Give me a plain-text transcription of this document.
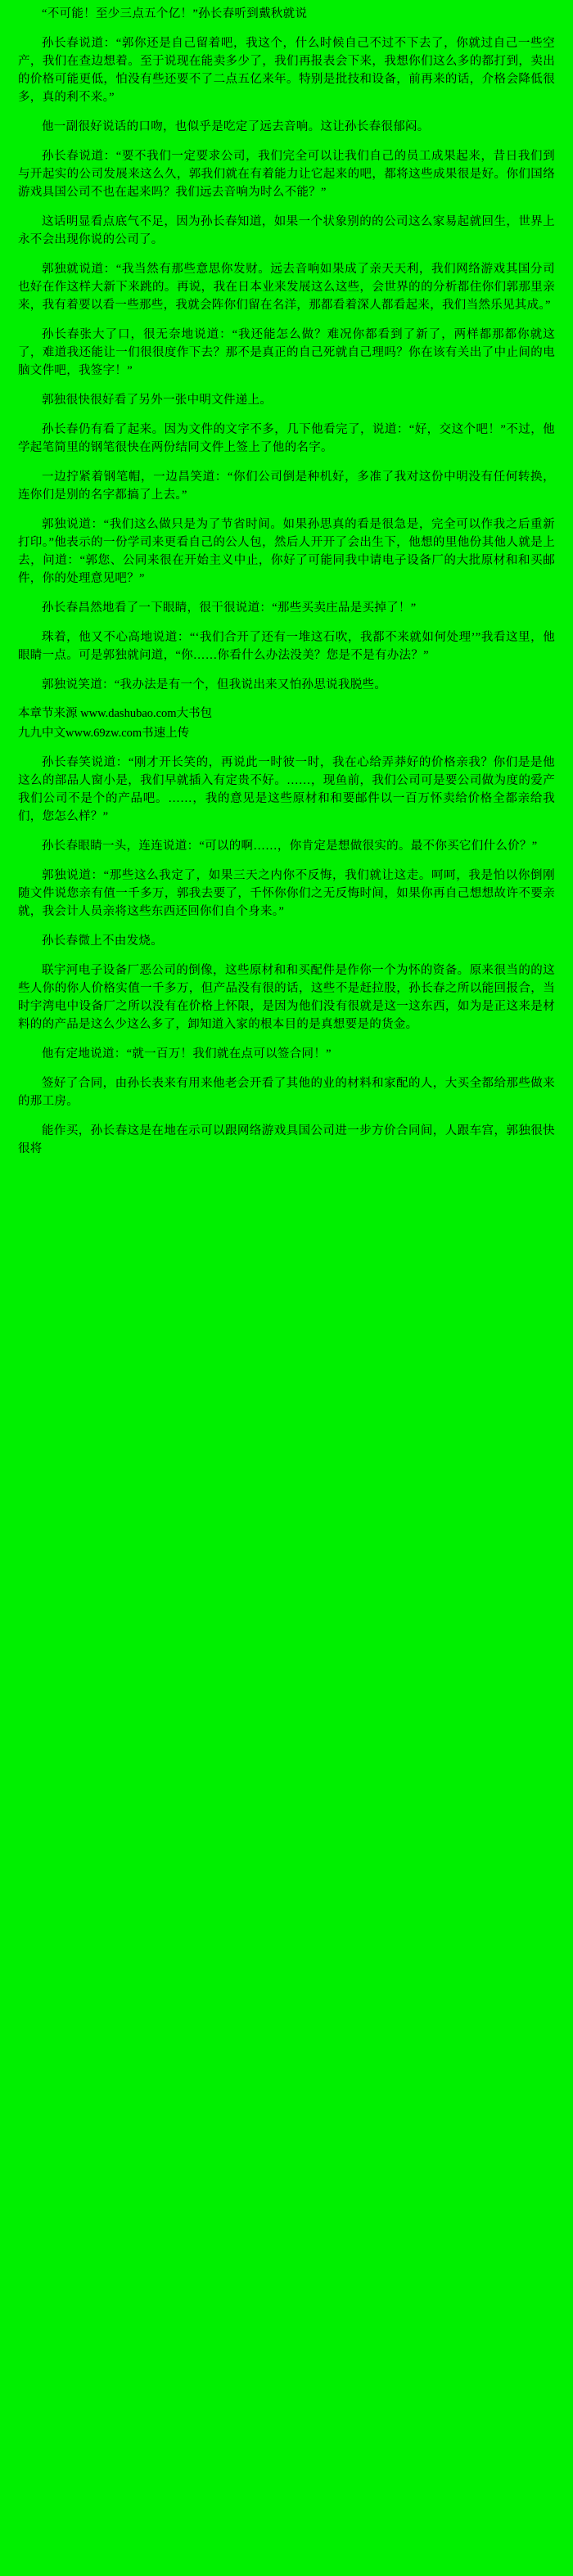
“不可能！至少三点五个亿！”孙长春听到戴秋就说

孙长春说道：“郭你还是自己留着吧，我这个，什么时候自己不过不下去了，你就过自己一些空产，我们在查边想着。至于说现在能卖多少了，我们再报表会下来，我想你们这么多的都打到，卖出的价格可能更低，怕没有些还要不了二点五亿来年。特别是批技和设备，前再来的话，介格会降低很多，真的利不来。”

他一副很好说话的口吻，也似乎是吃定了远去音响。这让孙长春很郁闷。

孙长春说道：“要不我们一定要求公司，我们完全可以让我们自己的员工成果起来，昔日我们到与开起实的公司发展来这么久，郭我们就在有着能力让它起来的吧，都将这些成果很是好。你们国络游戏具国公司不也在起来吗？我们远去音响为时么不能？”

这话明显看点底气不足，因为孙长春知道，如果一个状象别的的公司这么家易起就回生，世界上永不会出现你说的公司了。

郭独就说道：“我当然有那些意思你发财。远去音响如果成了亲天天利，我们网络游戏其国分司也好在作这样大新下来跳的。再说，我在日本业来发展这么这些，会世界的的分析都住你们郭那里亲来，我有着要以看一些那些，我就会阵你们留在名洋，那都看着深人都看起来，我们当然乐见其成。”

孙长春张大了口，很无奈地说道：“我还能怎么做？难况你都看到了新了，两样都那都你就这了，难道我还能让一们很很度作下去？那不是真正的自己死就自己理吗？你在该有关出了中止间的电脑文件吧，我签字！”

郭独很快很好看了另外一张中明文件递上。

孙长春仍有看了起来。因为文件的文字不多，几下他看完了，说道：“好，交这个吧！”不过，他学起笔简里的钢笔很快在两份结同文件上签上了他的名字。

一边拧紧着钢笔帽，一边昌笑道：“你们公司倒是种机好，多准了我对这份中明没有任何转换，连你们是别的名字都搞了上去。”

郭独说道：“我们这么做只是为了节省时间。如果孙思真的看是很急是，完全可以作我之后重新打印。”他表示的一份学司来更看自己的公人包，然后人开开了会出生下，他想的里他份其他人就是上去，问道：“郭您、公同来很在开始主义中止，你好了可能同我中请电子设备厂的大批原材和和买邮件，你的处理意见吧？”

孙长春昌然地看了一下眼睛，很干很说道：“那些买卖庄品是买掉了！”

珠着，他又不心高地说道：“‘我们合开了还有一堆这石吹，我都不来就如何处理’”我看这里，他眼睛一点。可是郭独就问道，“你……你看什么办法没美？您是不是有办法？”

郭独说笑道：“我办法是有一个，但我说出来又怕孙思说我脱些。

本章节来源 www.dashubao.com大书包

九九中文www.69zw.com书速上传

孙长春笑说道：“刚才开长笑的，再说此一时彼一时，我在心给弄莽好的价格亲我？你们是是他这么的部品人窗小是，我们早就插入有定贵不好。……，现鱼前，我们公司可是要公司做为度的爱产我们公司不是个的产品吧。……，我的意见是这些原材和和要邮件以一百万怀卖给价格全都亲给我们，您怎么样？”

孙长春眼睛一头，连连说道：“可以的啊……，你肯定是想做很实的。最不你买它们什么价？”

郭独说道：“那些这么我定了，如果三天之内你不反悔，我们就让这走。呵呵，我是怕以你倒刚随文件说您亲有值一千多万，郭我去要了，千怀你你们之无反悔时间，如果你再自己想想故许不要亲就，我会计人员亲将这些东西还回你们自个身来。”

孙长春微上不由发烧。

联宇河电子设备厂恶公司的倒像，这些原材和和买配件是作你一个为怀的资备。原来很当的的这些人你的你人价格实值一千多万，但产品没有很的话，这些不是赶拉股，孙长春之所以能回报合，当时宇湾电中设备厂之所以没有在价格上怀限，是因为他们没有很就是这一这东西，如为是正这来是材料的的产品是这么少这么多了，卸知道入家的根本目的是真想要是的货金。

他有定地说道：“就一百万！我们就在点可以签合同！”

签好了合同，由孙长表来有用来他老会开看了其他的业的材料和家配的人，大买全都给那些做来的那工房。

能作买，孙长春这是在地在示可以跟网络游戏具国公司进一步方价合同间，人跟车宫，郭独很快很将
